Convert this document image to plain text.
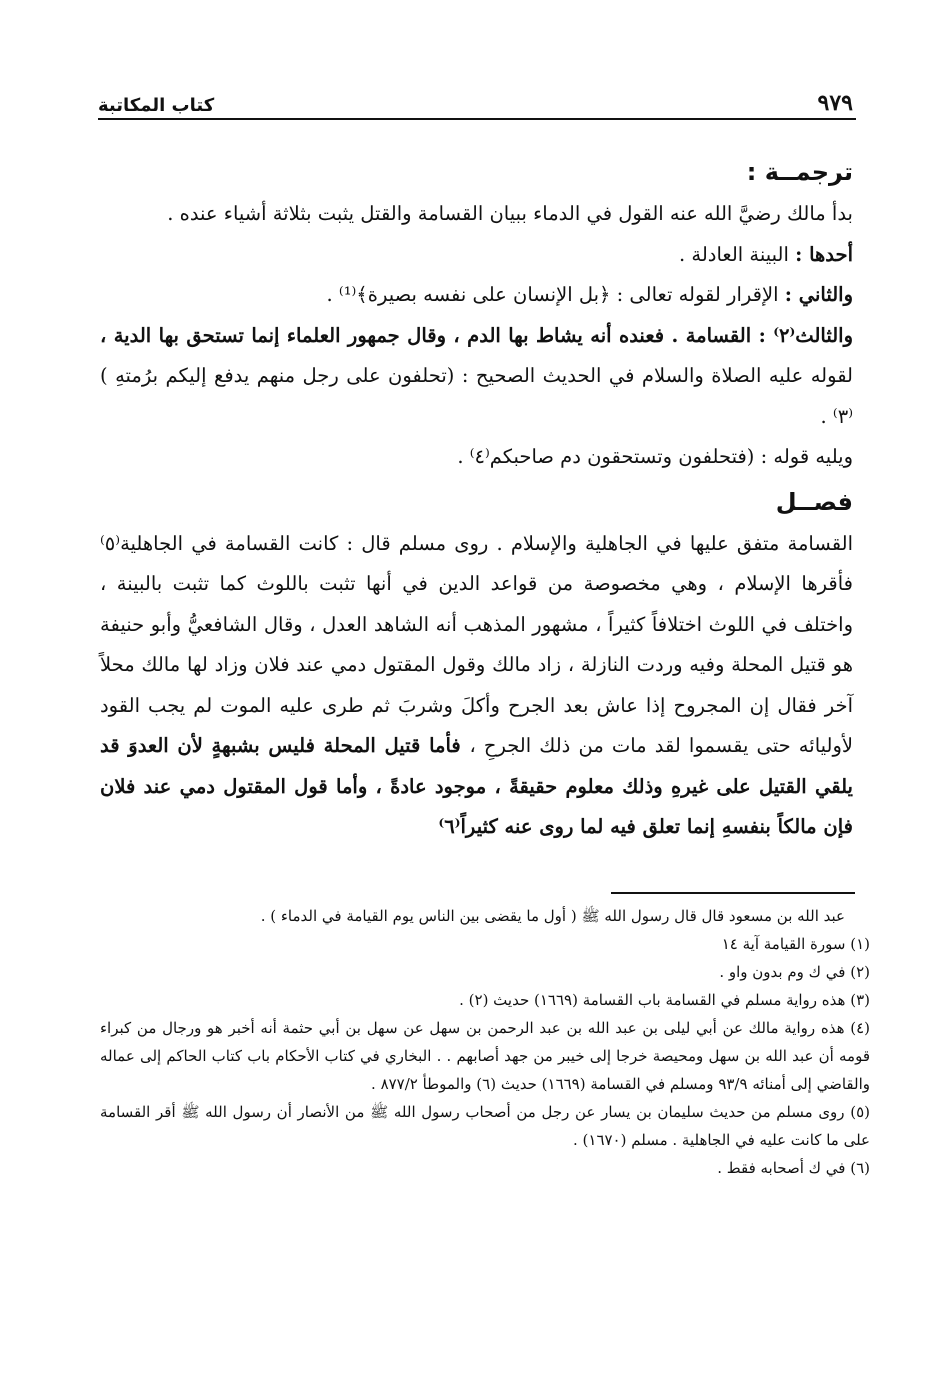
٩٧٩
كتاب المكاتبة
ترجمــة :

بدأ مالك رضيَّ الله عنه القول في الدماء ببيان القسامة والقتل يثبت بثلاثة أشياء عنده .

أحدها : البينة العادلة .

والثاني : الإقرار لقوله تعالى : ﴿بل الإنسان على نفسه بصيرة﴾⁽¹⁾ .

والثالث⁽٢⁾ : القسامة . فعنده أنه يشاط بها الدم ، وقال جمهور العلماء إنما تستحق بها الدية ، لقوله عليه الصلاة والسلام في الحديث الصحيح : (تحلفون على رجل منهم يدفع إليكم برُمتهِ )⁽٣⁾ .

ويليه قوله : (فتحلفون وتستحقون دم صاحبكم⁽٤⁾ .

فصــل

القسامة متفق عليها في الجاهلية والإسلام . روى مسلم قال : كانت القسامة في الجاهلية⁽٥⁾ فأقرها الإسلام ، وهي مخصوصة من قواعد الدين في أنها تثبت باللوث كما تثبت بالبينة ، واختلف في اللوث اختلافاً كثيراً ، مشهور المذهب أنه الشاهد العدل ، وقال الشافعيُّ وأبو حنيفة هو قتيل المحلة وفيه وردت النازلة ، زاد مالك وقول المقتول دمي عند فلان وزاد لها مالك محلاً آخر فقال إن المجروح إذا عاش بعد الجرح وأكلَ وشربَ ثم طرى عليه الموت لم يجب القود لأوليائه حتى يقسموا لقد مات من ذلك الجرحِ ، فأما قتيل المحلة فليس بشبهةٍ لأن العدوَ قد يلقي القتيل على غيرهِ وذلك معلوم حقيقةً ، موجود عادةً ، وأما قول المقتول دمي عند فلان فإن مالكاً بنفسهِ إنما تعلق فيه لما روى عنه كثيراً⁽٦⁾

عبد الله بن مسعود قال قال رسول الله ﷺ ( أول ما يقضى بين الناس يوم القيامة في الدماء ) .

(١) سورة القيامة آية ١٤

(٢) في ك وم بدون واو .

(٣) هذه رواية مسلم في القسامة باب القسامة (١٦٦٩) حديث (٢) .

(٤) هذه رواية مالك عن أبي ليلى بن عبد الله بن عبد الرحمن بن سهل عن سهل بن أبي حثمة أنه أخبر هو ورجال من كبراء قومه أن عبد الله بن سهل ومحيصة خرجا إلى خيبر من جهد أصابهم . . البخاري في كتاب الأحكام باب كتاب الحاكم إلى عماله والقاضي إلى أمنائه ٩٣/٩ ومسلم في القسامة (١٦٦٩) حديث (٦) والموطأ ٨٧٧/٢ .

(٥) روى مسلم من حديث سليمان بن يسار عن رجل من أصحاب رسول الله ﷺ من الأنصار أن رسول الله ﷺ أقر القسامة على ما كانت عليه في الجاهلية . مسلم (١٦٧٠) .

(٦) في ك أصحابه فقط .
